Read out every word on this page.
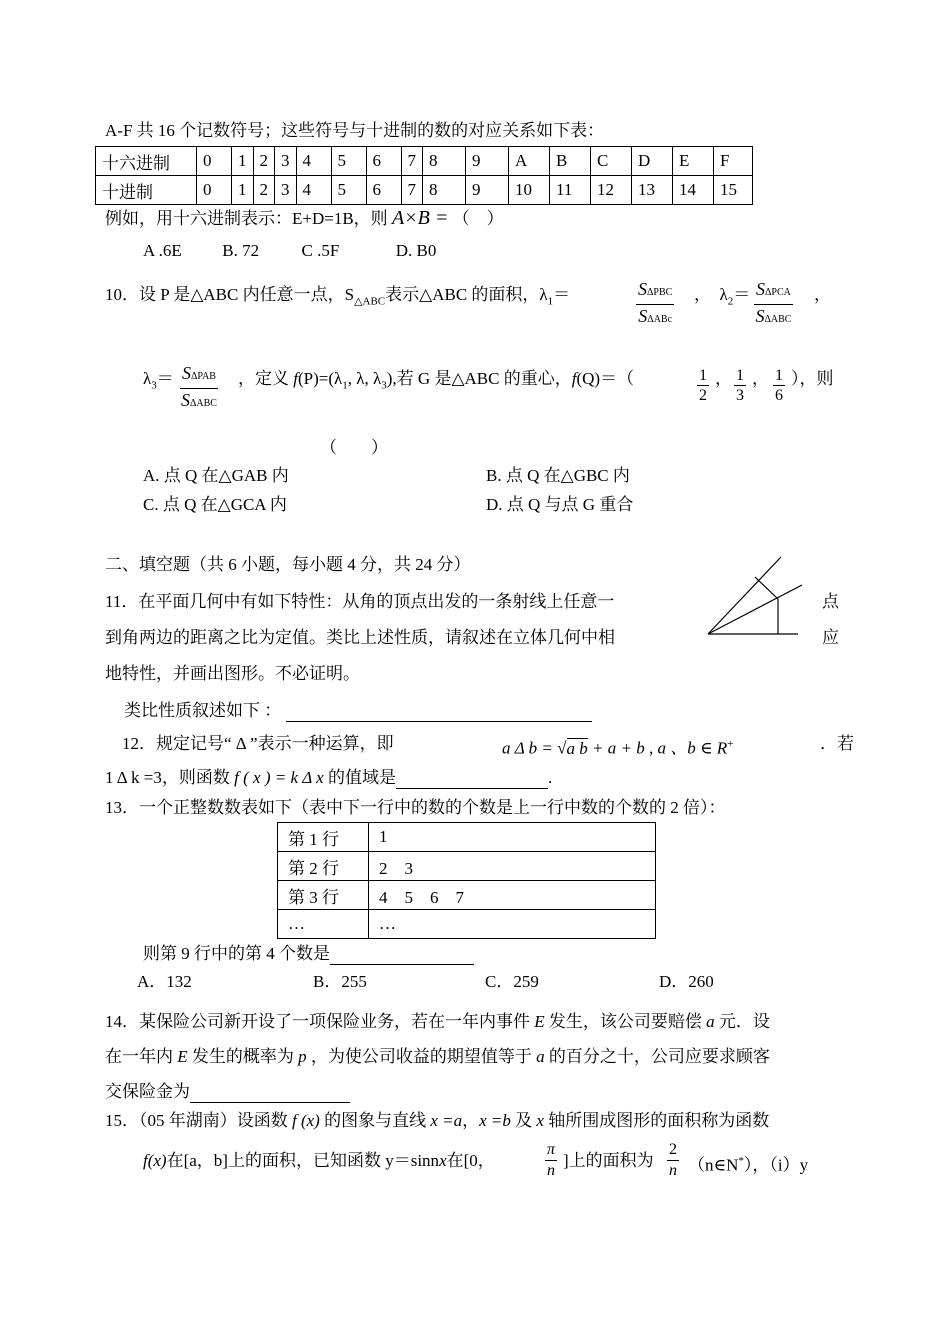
A-F 共 16 个记数符号；这些符号与十进制的数的对应关系如下表：
十六进制	0	1	2	3	4	5	6	7	8	9	A	B	C	D	E	F
十进制	0	1	2	3	4	5	6	7	8	9	10	11	12	13	14	15
例如，用十六进制表示：E+D=1B，则 A×B = （　）
A .6E B. 72 C .5F	D. B0
10．设 P 是△ABC 内任意一点，$S_{\triangle ABC}$表示△ABC 的面积，$\lambda_1=$	SΔPBC
SΔABc
， $\lambda_2= S\Delta PCA$
SΔABC
，
$\lambda_3= S\Delta PAB$
SΔABC
，定义 $f(P)=(\lambda_1$, λ, $\lambda_3$),若 G 是△ABC 的重心，f(Q)＝（	$\frac{1}{2}$ ， $\frac{1}{3}$ ， $\frac{1}{6}$ ），则
（　　）
A. 点 Q 在△GAB 内	B. 点 Q 在△GBC 内
C. 点 Q 在△GCA 内	D. 点 Q 与点 G 重合
二、填空题（共 6 小题，每小题 4 分，共 24 分）
11．在平面几何中有如下特性：从角的顶点出发的一条射线上任意一	点
到角两边的距离之比为定值。类比上述性质，请叙述在立体几何中相	应
地特性，并画出图形。不必证明。
类比性质叙述如下 ：
12．规定记号“ Δ ”表示一种运算，即	a Δ b = √a b + a + b , a 、b ∈ R+	．若
1 Δ k =3，则函数 f ( x ) = k Δ x 的值域是	.
13．一个正整数数表如下（表中下一行中的数的个数是上一行中数的个数的 2 倍）：
第 1 行	1
第 2 行	2　3
第 3 行	4　5　6　7
…	…
则第 9 行中的第 4 个数是
A．132	B．255	C．259	D．260
14．某保险公司新开设了一项保险业务，若在一年内事件 E 发生，该公司要赔偿 a 元．设
在一年内 E 发生的概率为 p ，为使公司收益的期望值等于 a 的百分之十，公司应要求顾客
交保险金为
15．（05 年湖南）设函数 f (x) 的图象与直线 x =a，x =b 及 x 轴所围成图形的面积称为函数
f(x)在[a，b]上的面积，已知函数 y＝sinnx在[0，	$\frac{\pi}{n}$ ]上的面积为 $\frac{2}{n}$ （n∈N*），（i）y
